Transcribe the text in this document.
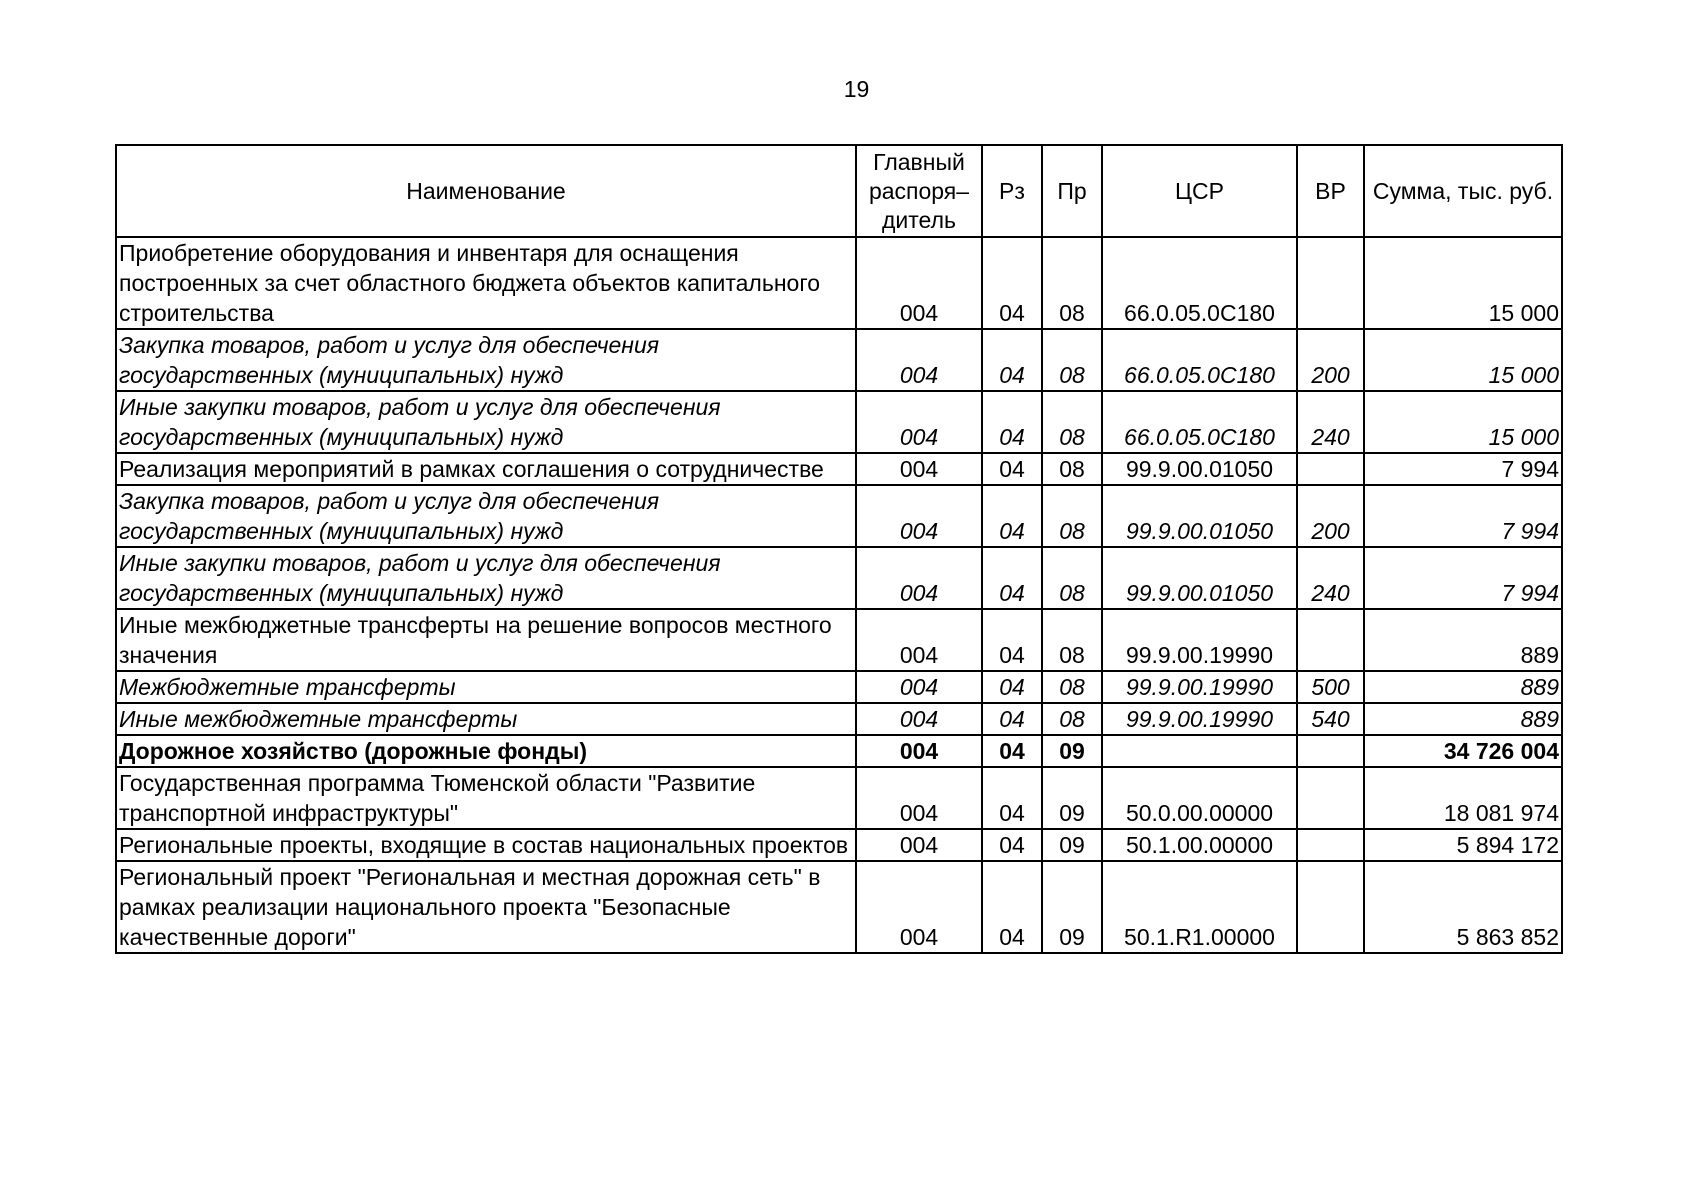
19
Наименование	Главный распоря– дитель	Рз	Пр	ЦСР	ВР	Сумма, тыс. руб.
Приобретение оборудования и инвентаря для оснащения построенных за счет областного бюджета объектов капитального строительства	004	04	08	66.0.05.0С180		15 000
Закупка товаров, работ и услуг для обеспечения государственных (муниципальных) нужд	004	04	08	66.0.05.0С180	200	15 000
Иные закупки товаров, работ и услуг для обеспечения государственных (муниципальных) нужд	004	04	08	66.0.05.0С180	240	15 000
Реализация мероприятий в рамках соглашения о сотрудничестве	004	04	08	99.9.00.01050		7 994
Закупка товаров, работ и услуг для обеспечения государственных (муниципальных) нужд	004	04	08	99.9.00.01050	200	7 994
Иные закупки товаров, работ и услуг для обеспечения государственных (муниципальных) нужд	004	04	08	99.9.00.01050	240	7 994
Иные межбюджетные трансферты на решение вопросов местного значения	004	04	08	99.9.00.19990		889
Межбюджетные трансферты	004	04	08	99.9.00.19990	500	889
Иные межбюджетные трансферты	004	04	08	99.9.00.19990	540	889
Дорожное хозяйство (дорожные фонды)	004	04	09			34 726 004
Государственная программа Тюменской области "Развитие транспортной инфраструктуры"	004	04	09	50.0.00.00000		18 081 974
Региональные проекты, входящие в состав национальных проектов	004	04	09	50.1.00.00000		5 894 172
Региональный проект "Региональная и местная дорожная сеть" в рамках реализации национального проекта "Безопасные качественные дороги"	004	04	09	50.1.R1.00000		5 863 852
